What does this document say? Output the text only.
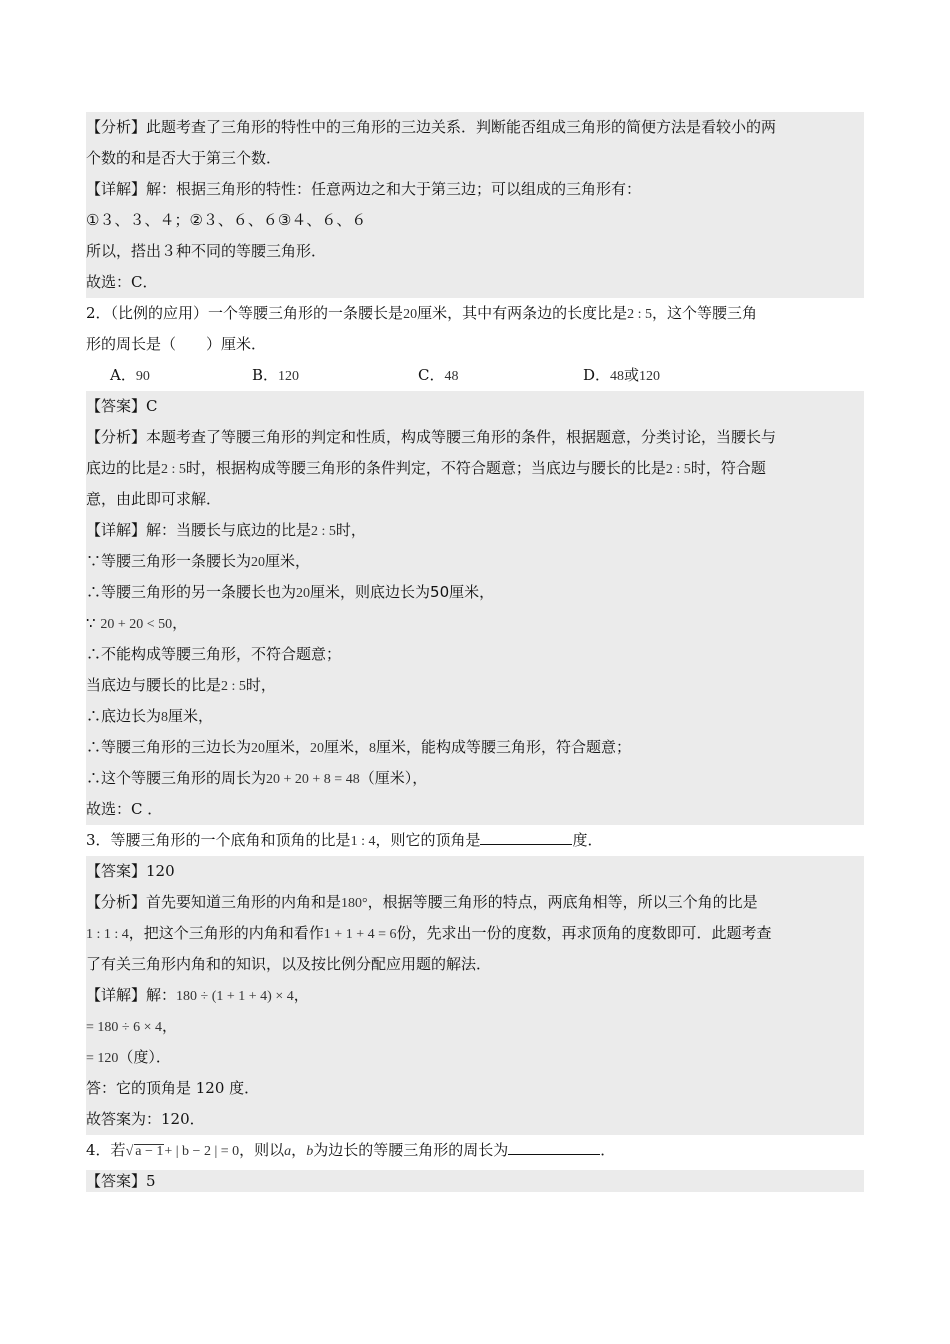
【分析】此题考查了三角形的特性中的三角形的三边关系．判断能否组成三角形的简便方法是看较小的两
个数的和是否大于第三个数．
【详解】解：根据三角形的特性：任意两边之和大于第三边；可以组成的三角形有：
①３、３、４；②３、６、６③４、６、６
所以，搭出３种不同的等腰三角形．
故选：C．
2．（比例的应用）一个等腰三角形的一条腰长是20厘米，其中有两条边的长度比是2 : 5，这个等腰三角
形的周长是（　　）厘米．
A．90	B．120	C．48	D．48或120
【答案】C
【分析】本题考查了等腰三角形的判定和性质，构成等腰三角形的条件，根据题意，分类讨论，当腰长与
底边的比是2 : 5时，根据构成等腰三角形的条件判定，不符合题意；当底边与腰长的比是2 : 5时，符合题
意，由此即可求解．
【详解】解：当腰长与底边的比是2 : 5时，
∵等腰三角形一条腰长为20厘米，
∴等腰三角形的另一条腰长也为20厘米，则底边长为50厘米，
∵ 20 + 20 < 50，
∴不能构成等腰三角形，不符合题意；
当底边与腰长的比是2 : 5时，
∴底边长为8厘米，
∴等腰三角形的三边长为20厘米，20厘米，8厘米，能构成等腰三角形，符合题意；
∴这个等腰三角形的周长为20 + 20 + 8 = 48（厘米），
故选：C ．
3．等腰三角形的一个底角和顶角的比是1 : 4，则它的顶角是	度．
【答案】120
【分析】首先要知道三角形的内角和是180°，根据等腰三角形的特点，两底角相等，所以三个角的比是
1 : 1 : 4，把这个三角形的内角和看作1 + 1 + 4 = 6份，先求出一份的度数，再求顶角的度数即可．此题考查
了有关三角形内角和的知识，以及按比例分配应用题的解法．
【详解】解：180 ÷ (1 + 1 + 4) × 4，
= 180 ÷ 6 × 4，
= 120（度）．
答：它的顶角是 120 度．
故答案为：120．
4．若√ a − 1+ | b − 2 | = 0，则以a，b为边长的等腰三角形的周长为	．
【答案】5
